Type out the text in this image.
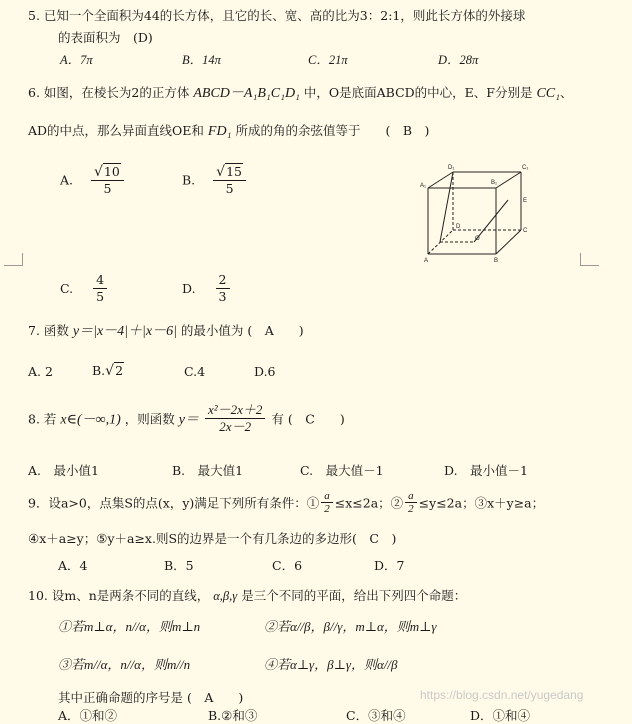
5. 已知一个全面积为44的长方体，且它的长、宽、高的比为3：2:1，则此长方体的外接球
的表面积为　(D)
A．7π	B．14π	C．21π	D．28π
6. 如图，在棱长为2的正方体 ABCD－A₁B₁C₁D₁ 中，O是底面ABCD的中心，E、F分别是 CC₁、
AD的中点，那么异面直线OE和 FD₁ 所成的角的余弦值等于　　(　B　)
A. $\frac{√10}{5}$	B. $\frac{√15}{5}$
C. $\frac{4}{5}$	D. $\frac{2}{3}$
D₁	C₁
A₁	B₁
E
D
C
O
A	B
7. 函数 y＝|x－4|＋|x－6| 的最小值为 (　A　　)
A. 2	B.√2	C.4	D.6
8. 若 x∈(－∞,1) ，则函数 $y= \frac{\text{x²－2x＋2}}{2x-2}$ 有 (　C　　)
A.　最小值1	B.　最大值1	C.　最大值－1	D.　最小值－1
9．设a>0，点集S的点(x，y)满足下列所有条件：① $\frac{a}{2} \le x\le 2a$；② $\frac{a}{2} \le y\le 2a$；③x＋y≥a；
④x＋a≥y；⑤y＋a≥x.则S的边界是一个有几条边的多边形(　C　)
A．4	B．5	C．6	D．7
10. 设m、n是两条不同的直线， α,β,γ 是三个不同的平面，给出下列四个命题：
①若m⊥α，n//α，则m⊥n	②若α//β，β//γ，m⊥α，则m⊥γ
③若m//α，n//α，则m//n	④若α⊥γ，β⊥γ，则α//β
其中正确命题的序号是 (　A　　)
A．①和②	B.②和③	C．③和④	D．①和④
https://blog.csdn.net/yugedang
